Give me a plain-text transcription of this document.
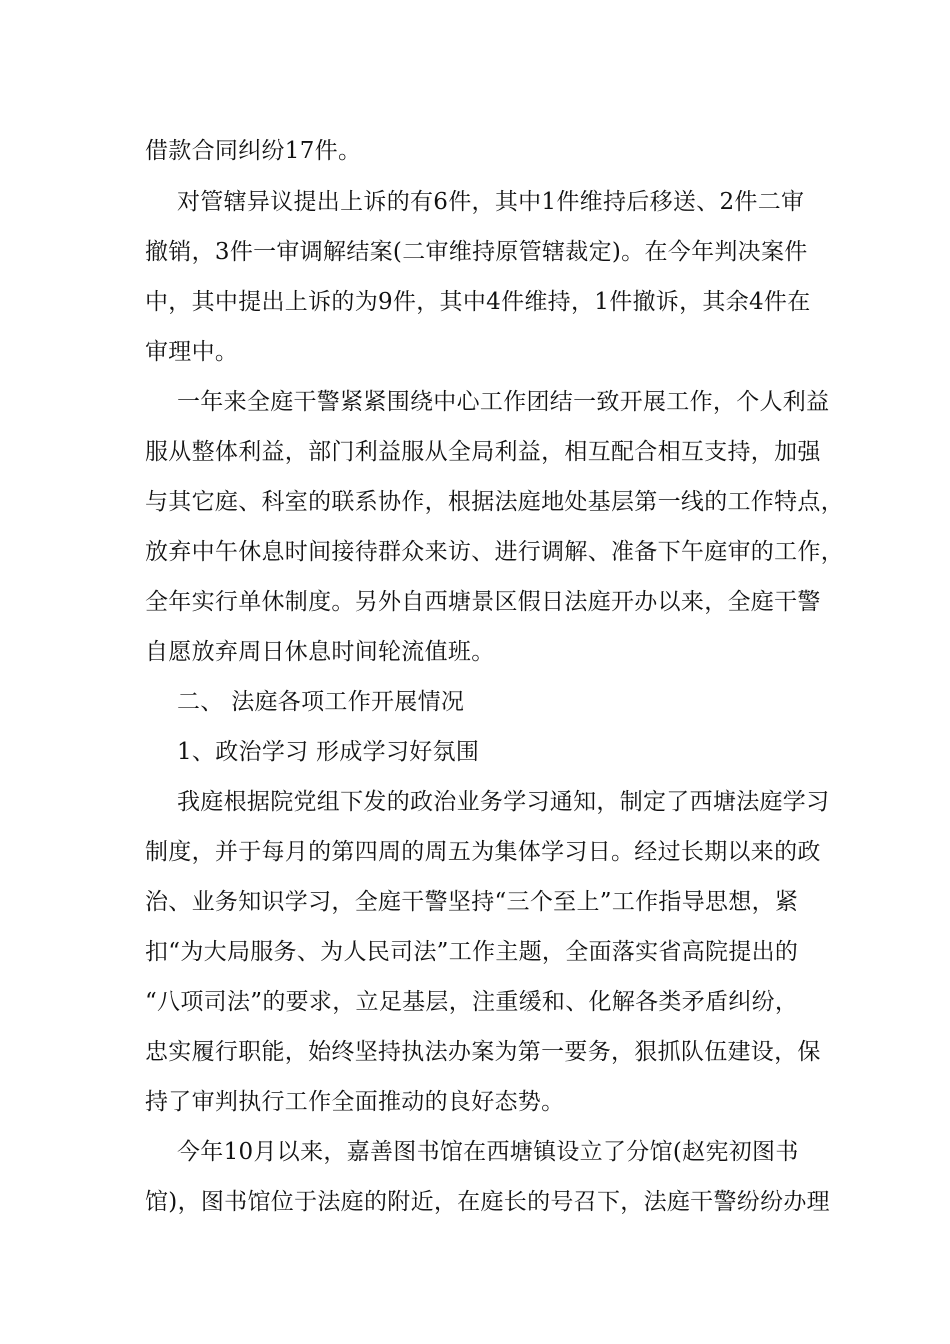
借款合同纠纷17件。
对管辖异议提出上诉的有6件，其中1件维持后移送、2件二审
撤销，3件一审调解结案(二审维持原管辖裁定)。在今年判决案件
中，其中提出上诉的为9件，其中4件维持，1件撤诉，其余4件在
审理中。
一年来全庭干警紧紧围绕中心工作团结一致开展工作，个人利益
服从整体利益，部门利益服从全局利益，相互配合相互支持，加强
与其它庭、科室的联系协作，根据法庭地处基层第一线的工作特点，
放弃中午休息时间接待群众来访、进行调解、准备下午庭审的工作，
全年实行单休制度。另外自西塘景区假日法庭开办以来，全庭干警
自愿放弃周日休息时间轮流值班。
二、 法庭各项工作开展情况
1、政治学习 形成学习好氛围
我庭根据院党组下发的政治业务学习通知，制定了西塘法庭学习
制度，并于每月的第四周的周五为集体学习日。经过长期以来的政
治、业务知识学习，全庭干警坚持“三个至上”工作指导思想，紧
扣“为大局服务、为人民司法”工作主题，全面落实省高院提出的
“八项司法”的要求，立足基层，注重缓和、化解各类矛盾纠纷，
忠实履行职能，始终坚持执法办案为第一要务，狠抓队伍建设，保
持了审判执行工作全面推动的良好态势。
今年10月以来，嘉善图书馆在西塘镇设立了分馆(赵宪初图书
馆)，图书馆位于法庭的附近，在庭长的号召下，法庭干警纷纷办理
